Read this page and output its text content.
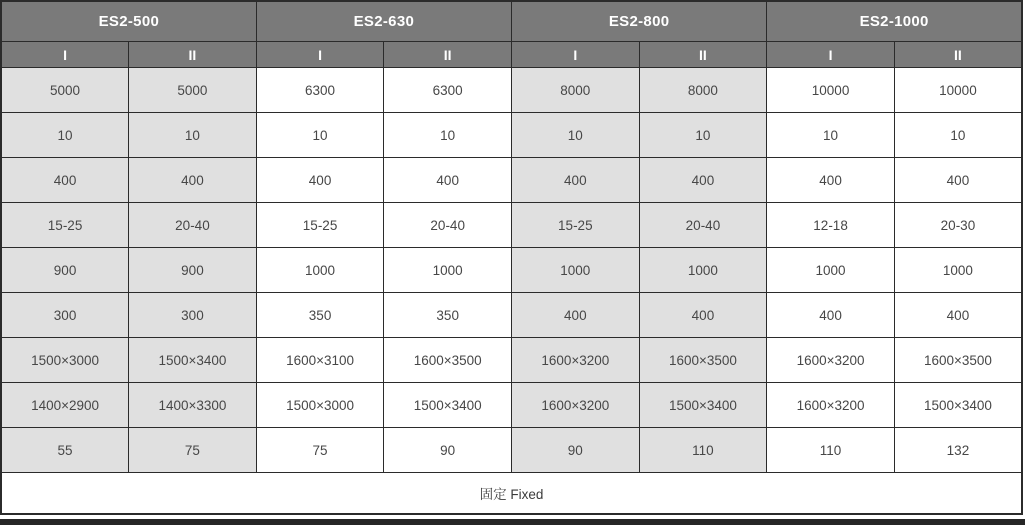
ES2-500		ES2-630		ES2-800		ES2-1000	
I	II	I	II	I	II	I	II
5000	5000	6300	6300	8000	8000	10000	10000
10	10	10	10	10	10	10	10
400	400	400	400	400	400	400	400
15-25	20-40	15-25	20-40	15-25	20-40	12-18	20-30
900	900	1000	1000	1000	1000	1000	1000
300	300	350	350	400	400	400	400
1500×3000	1500×3400	1600×3100	1600×3500	1600×3200	1600×3500	1600×3200	1600×3500
1400×2900	1400×3300	1500×3000	1500×3400	1600×3200	1500×3400	1600×3200	1500×3400
55	75	75	90	90	110	110	132
固定 Fixed							
